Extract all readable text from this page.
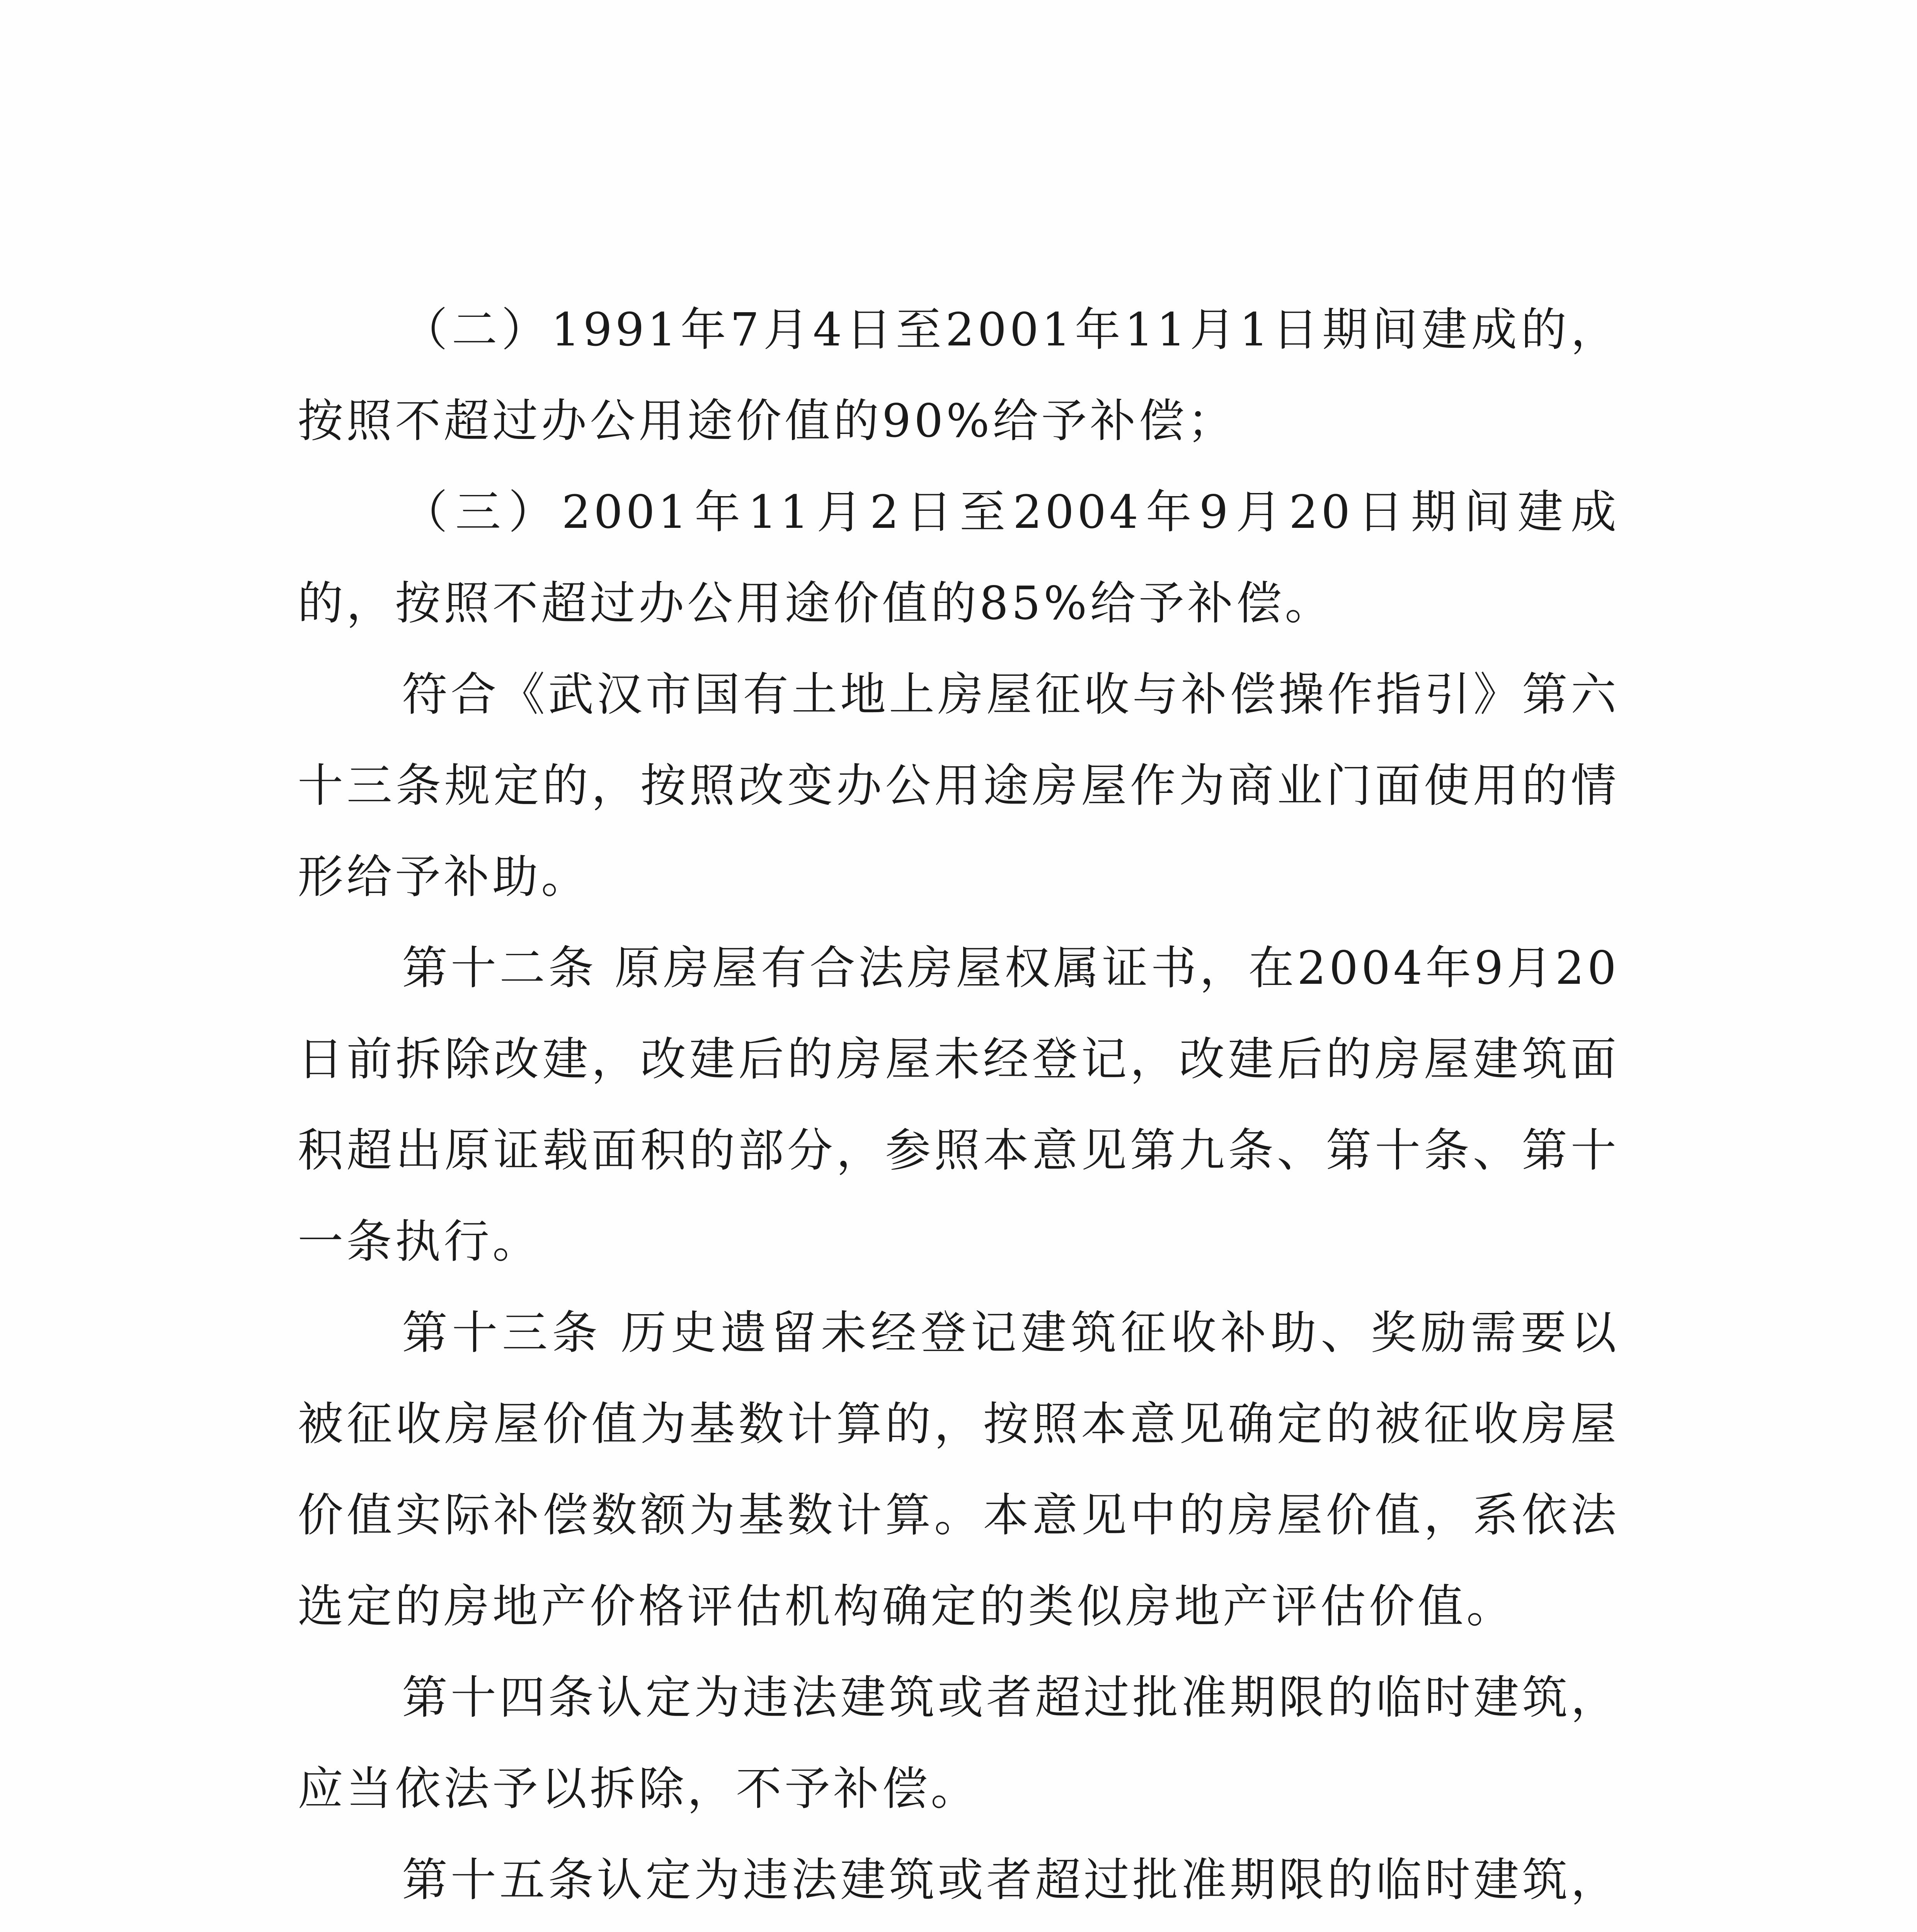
（二）1991年7月4日至2001年11月1日期间建成的，按照不超过办公用途价值的90%给予补偿；

（三）2001年11月2日至2004年9月20日期间建成的，按照不超过办公用途价值的85%给予补偿。

符合《武汉市国有土地上房屋征收与补偿操作指引》第六十三条规定的，按照改变办公用途房屋作为商业门面使用的情形给予补助。

第十二条 原房屋有合法房屋权属证书，在2004年9月20日前拆除改建，改建后的房屋未经登记，改建后的房屋建筑面积超出原证载面积的部分，参照本意见第九条、第十条、第十一条执行。

第十三条 历史遗留未经登记建筑征收补助、奖励需要以被征收房屋价值为基数计算的，按照本意见确定的被征收房屋价值实际补偿数额为基数计算。本意见中的房屋价值，系依法选定的房地产价格评估机构确定的类似房地产评估价值。

第十四条认定为违法建筑或者超过批准期限的临时建筑，应当依法予以拆除，不予补偿。

第十五条认定为违法建筑或者超过批准期限的临时建筑，
